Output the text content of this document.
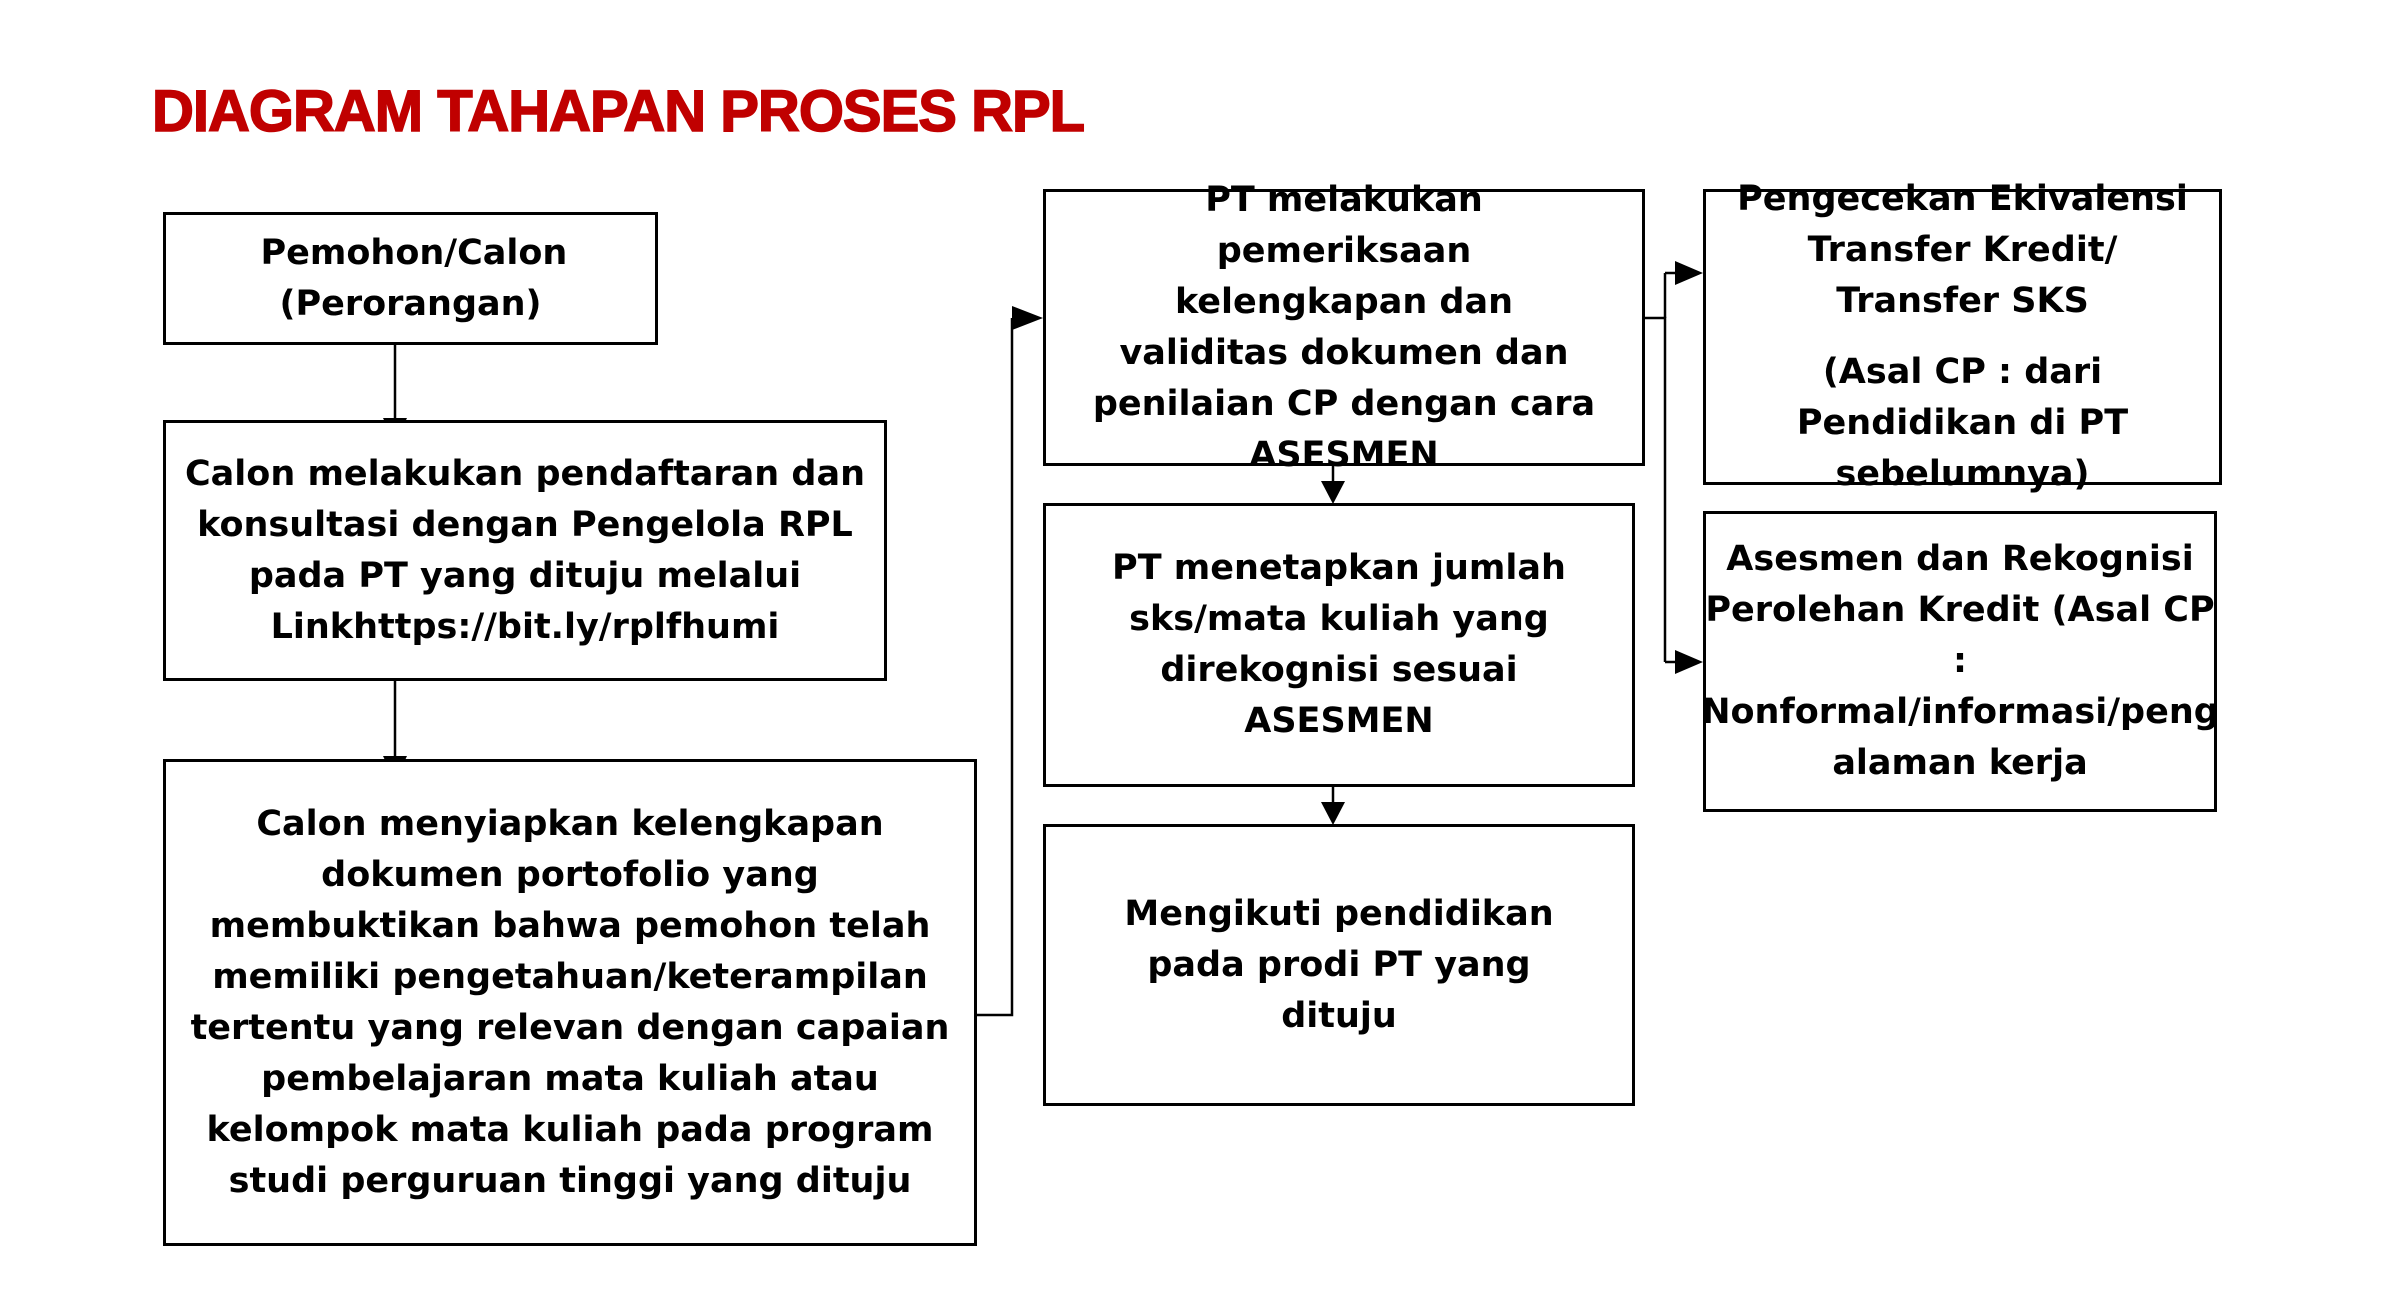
DIAGRAM TAHAPAN PROSES RPL

Pemohon/Calon (Perorangan)

Calon melakukan pendaftaran dan konsultasi dengan Pengelola RPL pada PT yang dituju melalui Linkhttps://bit.ly/rplfhumi

Calon menyiapkan kelengkapan dokumen portofolio yang membuktikan bahwa pemohon telah memiliki pengetahuan/keterampilan tertentu yang relevan dengan capaian pembelajaran mata kuliah atau kelompok mata kuliah pada program studi perguruan tinggi yang dituju

PT melakukan pemeriksaan kelengkapan dan validitas dokumen dan penilaian CP dengan cara ASESMEN

PT menetapkan jumlah sks/mata kuliah yang direkognisi sesuai ASESMEN

Mengikuti pendidikan pada prodi PT yang dituju

Pengecekan Ekivalensi Transfer Kredit/ Transfer SKS

(Asal CP : dari Pendidikan di PT sebelumnya)

Asesmen dan Rekognisi Perolehan Kredit (Asal CP : Nonformal/informasi/peng alaman kerja
